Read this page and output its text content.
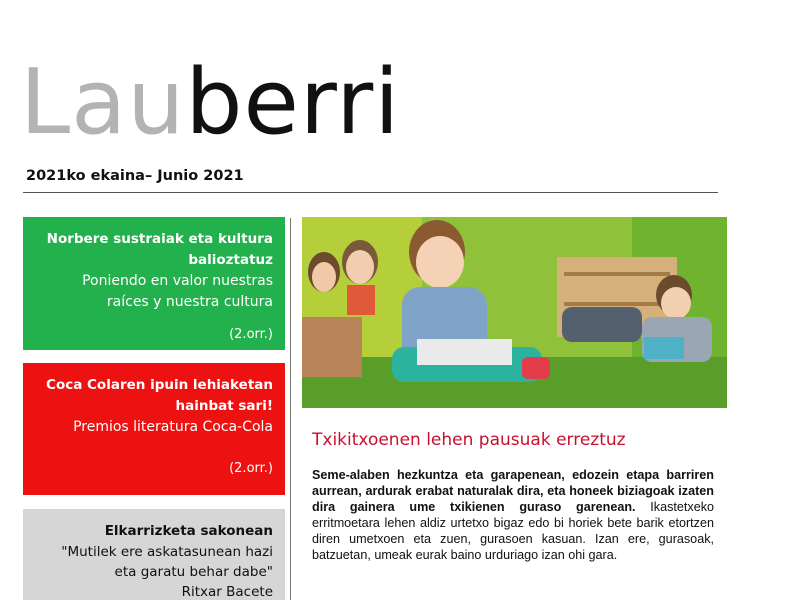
Lauberri
2021ko ekaina– Junio 2021
Norbere sustraiak eta kultura
balioztatuz
Poniendo en valor nuestras
raíces y nuestra cultura
(2.orr.)
Coca Colaren ipuin lehiaketan
hainbat sari!
Premios literatura Coca-Cola
(2.orr.)
Elkarrizketa sakonean
"Mutilek ere askatasunean hazi
eta garatu behar dabe"
Ritxar Bacete
Txikitxoenen lehen pausuak erreztuz
Seme-alaben hezkuntza eta garapenean, edozein etapa barriren aurrean, ardurak erabat naturalak dira, eta honeek biziagoak izaten dira gainera ume txikienen guraso garenean. Ikastetxeko erritmoetara lehen aldiz urtetxo bigaz edo bi horiek bete barik etortzen diren umetxoen eta zuen, gurasoen kasuan. Izan ere, gurasoak, batzuetan, umeak eurak baino urduriago izan ohi gara.
